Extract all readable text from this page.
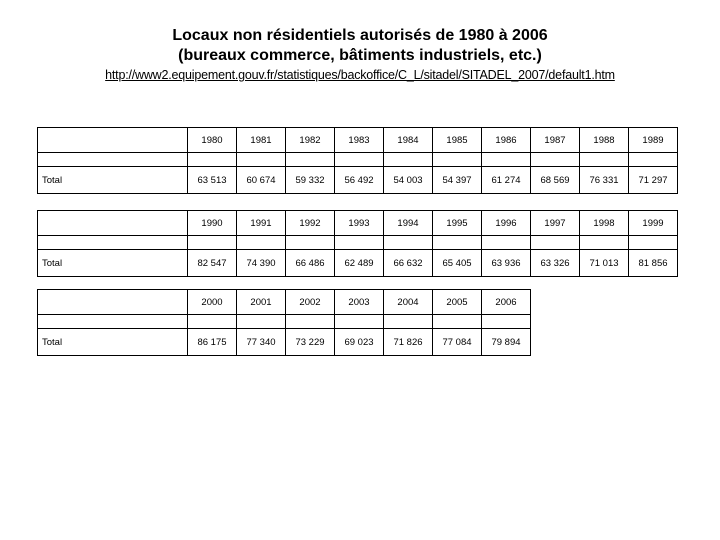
Locaux non résidentiels autorisés de 1980 à 2006
(bureaux commerce, bâtiments industriels, etc.)
http://www2.equipement.gouv.fr/statistiques/backoffice/C_L/sitadel/SITADEL_2007/default1.htm
	1980	1981	1982	1983	1984	1985	1986	1987	1988	1989

Total	63 513	60 674	59 332	56 492	54 003	54 397	61 274	68 569	76 331	71 297
	1990	1991	1992	1993	1994	1995	1996	1997	1998	1999

Total	82 547	74 390	66 486	62 489	66 632	65 405	63 936	63 326	71 013	81 856
	2000	2001	2002	2003	2004	2005	2006

Total	86 175	77 340	73 229	69 023	71 826	77 084	79 894
